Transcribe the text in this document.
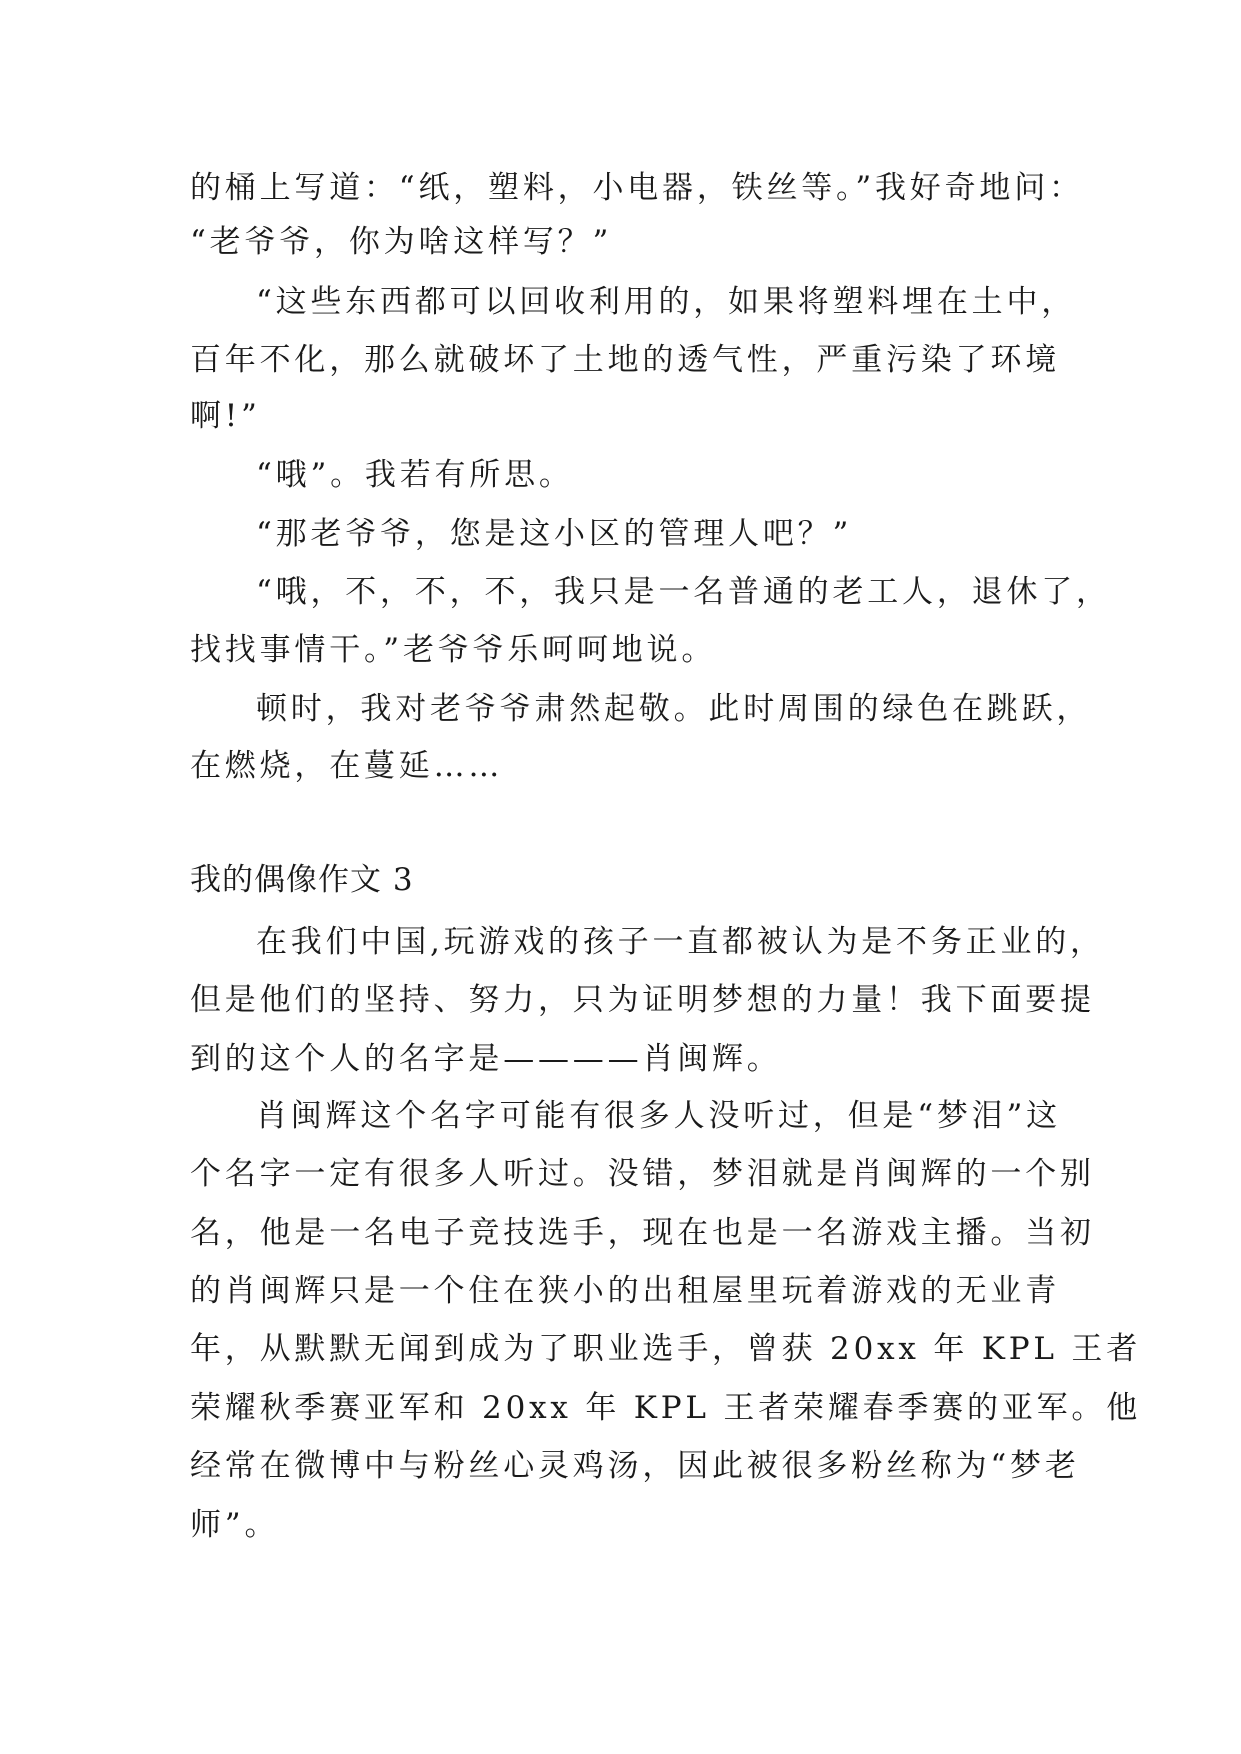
的桶上写道：“纸，塑料，小电器，铁丝等。”我好奇地问：
“老爷爷，你为啥这样写？”
“这些东西都可以回收利用的，如果将塑料埋在土中，
百年不化，那么就破坏了土地的透气性，严重污染了环境
啊!”
“哦”。我若有所思。
“那老爷爷，您是这小区的管理人吧？”
“哦，不，不，不，我只是一名普通的老工人，退休了，
找找事情干。”老爷爷乐呵呵地说。
顿时，我对老爷爷肃然起敬。此时周围的绿色在跳跃，
在燃烧，在蔓延……
我的偶像作文 3
在我们中国,玩游戏的孩子一直都被认为是不务正业的，
但是他们的坚持、努力，只为证明梦想的力量！我下面要提
到的这个人的名字是————肖闽辉。
肖闽辉这个名字可能有很多人没听过，但是“梦泪”这
个名字一定有很多人听过。没错，梦泪就是肖闽辉的一个别
名，他是一名电子竞技选手，现在也是一名游戏主播。当初
的肖闽辉只是一个住在狭小的出租屋里玩着游戏的无业青
年，从默默无闻到成为了职业选手，曾获 20xx 年 KPL 王者
荣耀秋季赛亚军和 20xx 年 KPL 王者荣耀春季赛的亚军。他
经常在微博中与粉丝心灵鸡汤，因此被很多粉丝称为“梦老
师”。
